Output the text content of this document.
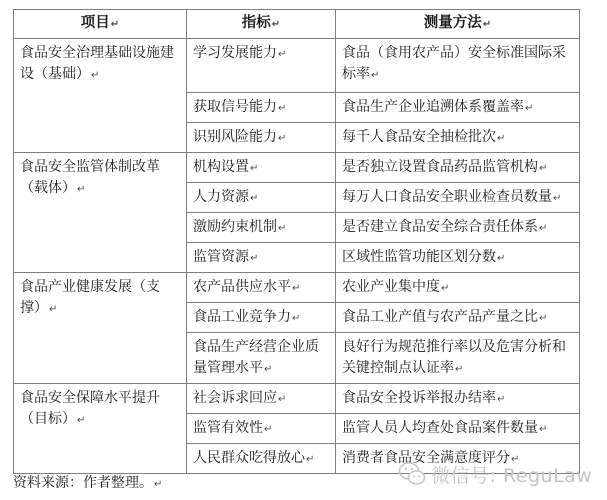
项目↵	指标↵	测量方法↵
食品安全治理基础设施建设（基础）↵	学习发展能力↵	食品（食用农产品）安全标准国际采标率↵
	获取信号能力↵	食品生产企业追溯体系覆盖率↵
	识别风险能力↵	每千人食品安全抽检批次↵
食品安全监管体制改革（载体）↵	机构设置↵	是否独立设置食品药品监管机构↵
	人力资源↵	每万人口食品安全职业检查员数量↵
	激励约束机制↵	是否建立食品安全综合责任体系↵
	监管资源↵	区域性监管功能区划分数↵
食品产业健康发展（支撑）↵	农产品供应水平↵	农业产业集中度↵
	食品工业竞争力↵	食品工业产值与农产品产量之比↵
	食品生产经营企业质量管理水平↵	良好行为规范推行率以及危害分析和关键控制点认证率↵
食品安全保障水平提升（目标）↵	社会诉求回应↵	食品安全投诉举报办结率↵
	监管有效性↵	监管人员人均查处食品案件数量↵
	人民群众吃得放心↵	消费者食品安全满意度评分↵
资料来源：作者整理。↵	微信号: ReguLaw
